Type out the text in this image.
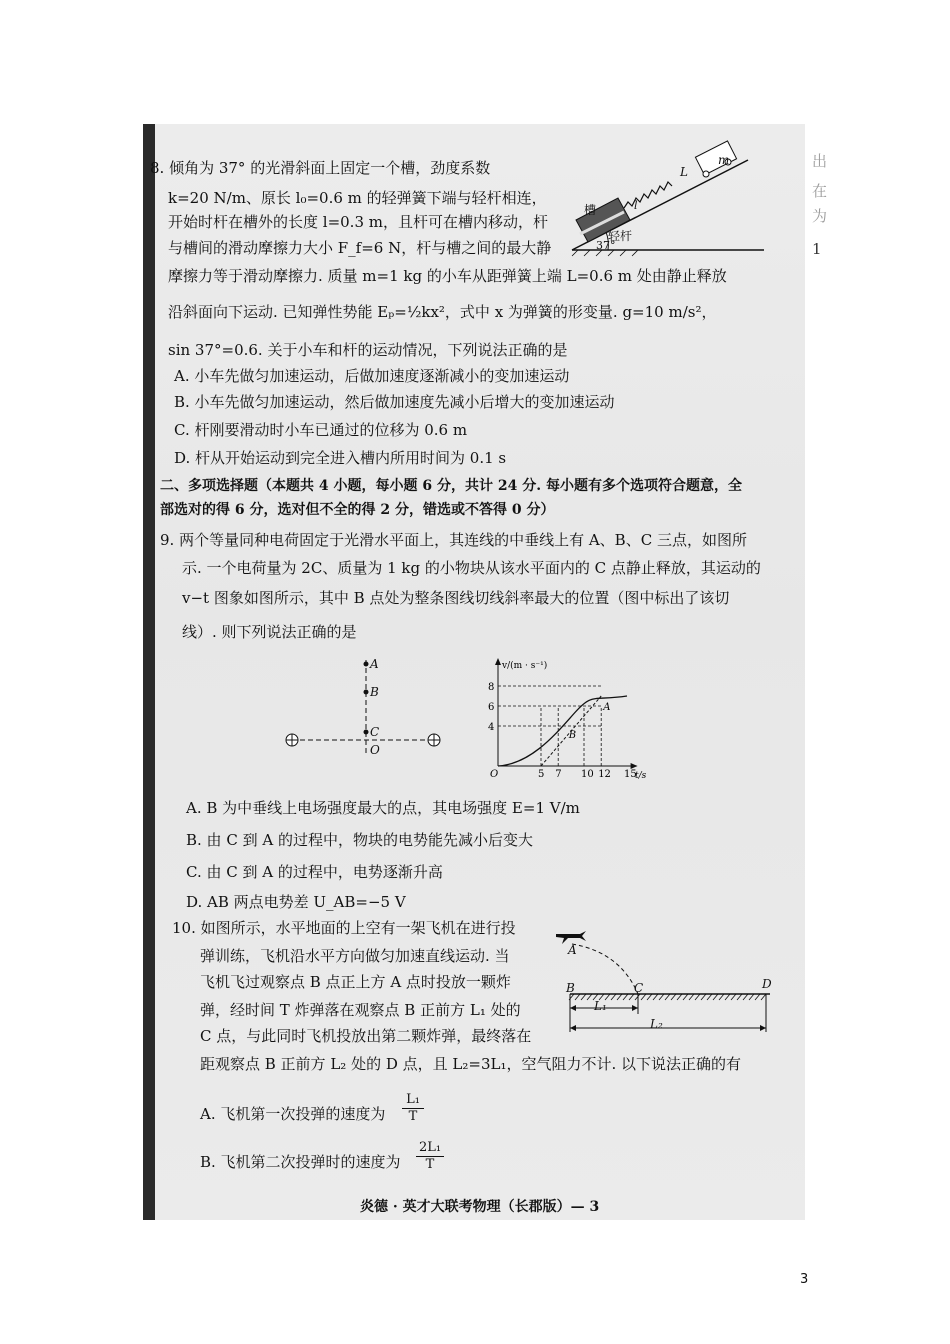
出
在
为
1
8. 倾角为 37° 的光滑斜面上固定一个槽，劲度系数
k=20 N/m、原长 l₀=0.6 m 的轻弹簧下端与轻杆相连，
开始时杆在槽外的长度 l=0.3 m，且杆可在槽内移动，杆
与槽间的滑动摩擦力大小 F_f=6 N，杆与槽之间的最大静
摩擦力等于滑动摩擦力. 质量 m=1 kg 的小车从距弹簧上端 L=0.6 m 处由静止释放
沿斜面向下运动. 已知弹性势能 Eₚ=½kx²，式中 x 为弹簧的形变量. g=10 m/s²，
sin 37°=0.6. 关于小车和杆的运动情况，下列说法正确的是
A. 小车先做匀加速运动，后做加速度逐渐减小的变加速运动
B. 小车先做匀加速运动，然后做加速度先减小后增大的变加速运动
C. 杆刚要滑动时小车已通过的位移为 0.6 m
D. 杆从开始运动到完全进入槽内所用时间为 0.1 s
槽
轻杆
37°
m
L
l
二、多项选择题（本题共 4 小题，每小题 6 分，共计 24 分. 每小题有多个选项符合题意，全
部选对的得 6 分，选对但不全的得 2 分，错选或不答得 0 分）
9. 两个等量同种电荷固定于光滑水平面上，其连线的中垂线上有 A、B、C 三点，如图所
示. 一个电荷量为 2C、质量为 1 kg 的小物块从该水平面内的 C 点静止释放，其运动的
v−t 图象如图所示，其中 B 点处为整条图线切线斜率最大的位置（图中标出了该切
线）. 则下列说法正确的是
A
B
C
O
v/(m · s⁻¹)
t/s
O
4
6
8
5 7 10 12 15
A
B
A. B 为中垂线上电场强度最大的点，其电场强度 E=1 V/m
B. 由 C 到 A 的过程中，物块的电势能先减小后变大
C. 由 C 到 A 的过程中，电势逐渐升高
D. AB 两点电势差 U_AB=−5 V
10. 如图所示，水平地面的上空有一架飞机在进行投
弹训练，飞机沿水平方向做匀加速直线运动. 当
飞机飞过观察点 B 点正上方 A 点时投放一颗炸
弹，经时间 T 炸弹落在观察点 B 正前方 L₁ 处的
C 点，与此同时飞机投放出第二颗炸弹，最终落在
距观察点 B 正前方 L₂ 处的 D 点，且 L₂=3L₁，空气阻力不计. 以下说法正确的有
A
B	C	D
L₁
L₂
A. 飞机第一次投弹的速度为 $\frac{\text{L₁}}{T}$
B. 飞机第二次投弹时的速度为 $\frac{\text{2L₁}}{T}$
炎德 · 英才大联考物理（长郡版）— 3
3
